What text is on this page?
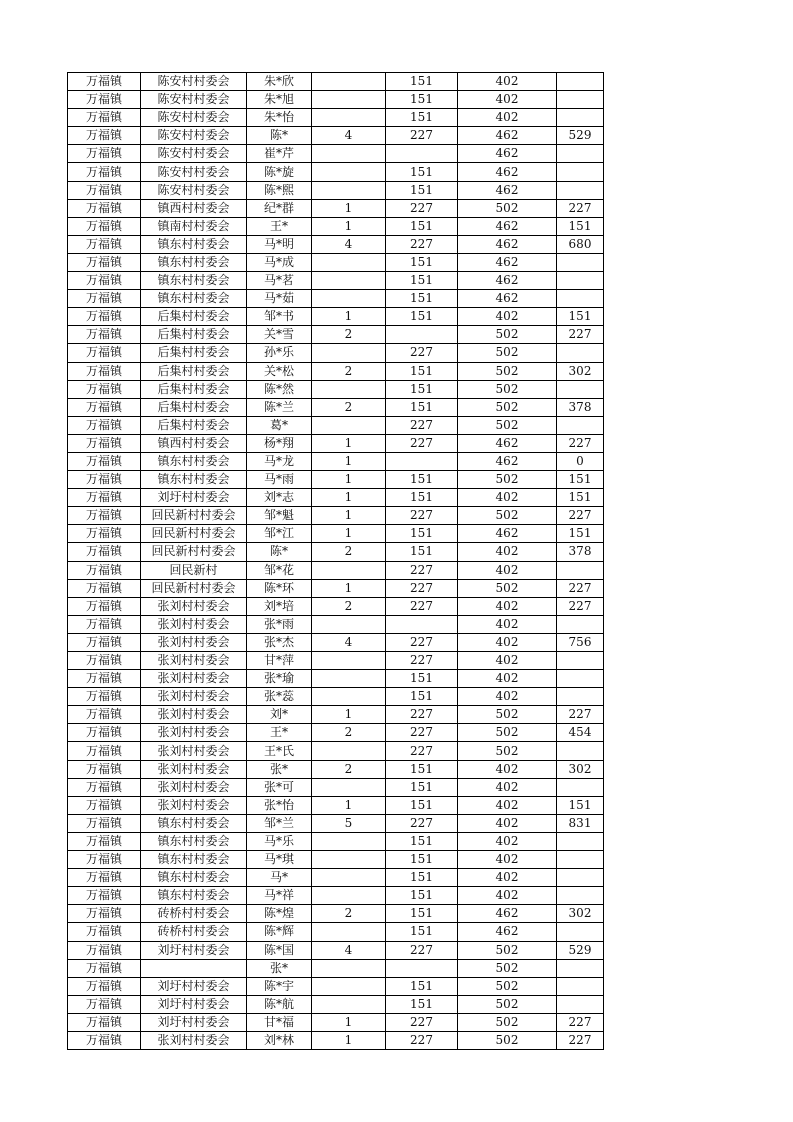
万福镇	陈安村村委会	朱*欣		151	402	
万福镇	陈安村村委会	朱*旭		151	402	
万福镇	陈安村村委会	朱*怡		151	402	
万福镇	陈安村村委会	陈*	4	227	462	529
万福镇	陈安村村委会	崔*芹			462	
万福镇	陈安村村委会	陈*旋		151	462	
万福镇	陈安村村委会	陈*熙		151	462	
万福镇	镇西村村委会	纪*群	1	227	502	227
万福镇	镇南村村委会	王*	1	151	462	151
万福镇	镇东村村委会	马*明	4	227	462	680
万福镇	镇东村村委会	马*成		151	462	
万福镇	镇东村村委会	马*茗		151	462	
万福镇	镇东村村委会	马*茹		151	462	
万福镇	后集村村委会	邹*书	1	151	402	151
万福镇	后集村村委会	关*雪	2		502	227
万福镇	后集村村委会	孙*乐		227	502	
万福镇	后集村村委会	关*松	2	151	502	302
万福镇	后集村村委会	陈*然		151	502	
万福镇	后集村村委会	陈*兰	2	151	502	378
万福镇	后集村村委会	葛*		227	502	
万福镇	镇西村村委会	杨*翔	1	227	462	227
万福镇	镇东村村委会	马*龙	1		462	0
万福镇	镇东村村委会	马*雨	1	151	502	151
万福镇	刘圩村村委会	刘*志	1	151	402	151
万福镇	回民新村村委会	邹*魁	1	227	502	227
万福镇	回民新村村委会	邹*江	1	151	462	151
万福镇	回民新村村委会	陈*	2	151	402	378
万福镇	回民新村	邹*花		227	402	
万福镇	回民新村村委会	陈*环	1	227	502	227
万福镇	张刘村村委会	刘*培	2	227	402	227
万福镇	张刘村村委会	张*雨			402	
万福镇	张刘村村委会	张*杰	4	227	402	756
万福镇	张刘村村委会	甘*萍		227	402	
万福镇	张刘村村委会	张*瑜		151	402	
万福镇	张刘村村委会	张*蕊		151	402	
万福镇	张刘村村委会	刘*	1	227	502	227
万福镇	张刘村村委会	王*	2	227	502	454
万福镇	张刘村村委会	王*氏		227	502	
万福镇	张刘村村委会	张*	2	151	402	302
万福镇	张刘村村委会	张*可		151	402	
万福镇	张刘村村委会	张*怡	1	151	402	151
万福镇	镇东村村委会	邹*兰	5	227	402	831
万福镇	镇东村村委会	马*乐		151	402	
万福镇	镇东村村委会	马*琪		151	402	
万福镇	镇东村村委会	马*		151	402	
万福镇	镇东村村委会	马*祥		151	402	
万福镇	砖桥村村委会	陈*煌	2	151	462	302
万福镇	砖桥村村委会	陈*辉		151	462	
万福镇	刘圩村村委会	陈*国	4	227	502	529
万福镇		张*			502	
万福镇	刘圩村村委会	陈*宇		151	502	
万福镇	刘圩村村委会	陈*航		151	502	
万福镇	刘圩村村委会	甘*福	1	227	502	227
万福镇	张刘村村委会	刘*林	1	227	502	227
